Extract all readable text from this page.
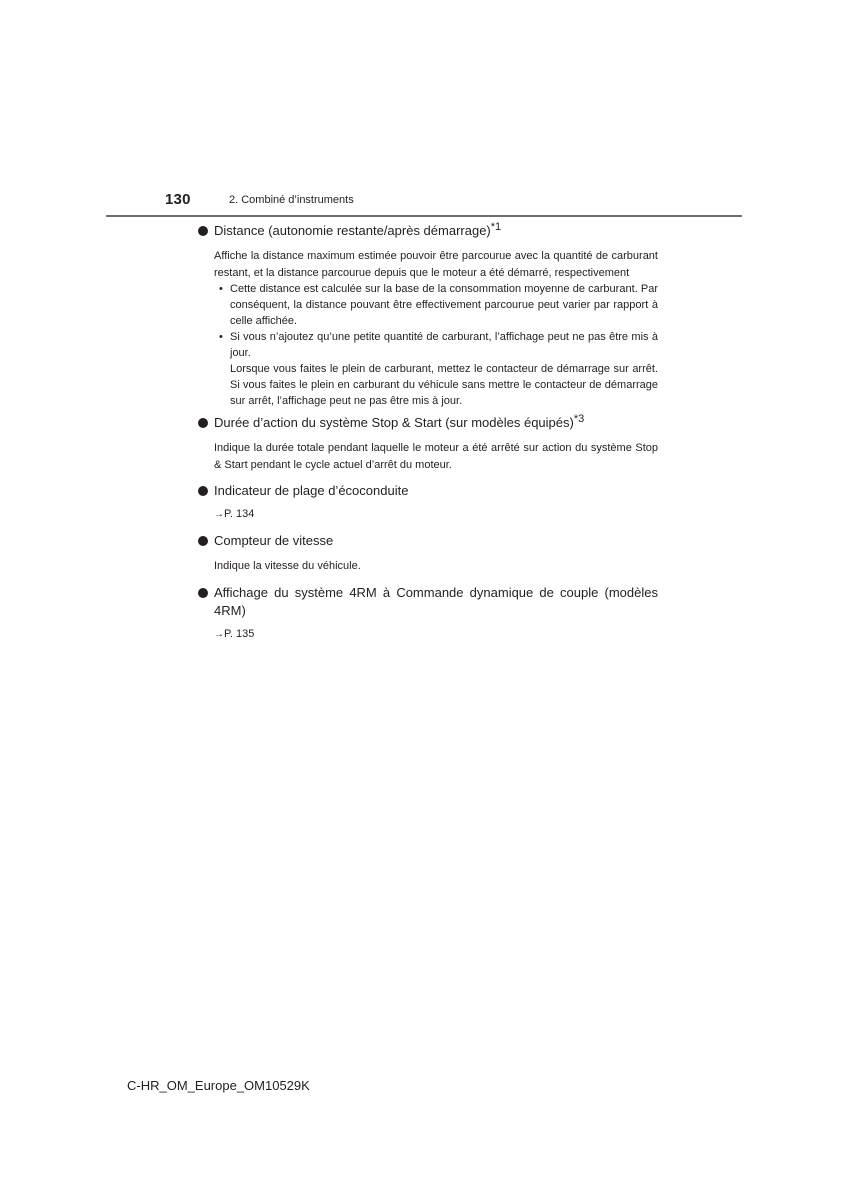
130	2. Combiné d’instruments

Distance (autonomie restante/après démarrage)$^{*1}$

Affiche la distance maximum estimée pouvoir être parcourue avec la quantité de carburant restant, et la distance parcourue depuis que le moteur a été démarré, respectivement

• Cette distance est calculée sur la base de la consommation moyenne de carburant. Par conséquent, la distance pouvant être effectivement parcourue peut varier par rapport à celle affichée.
• Si vous n’ajoutez qu’une petite quantité de carburant, l’affichage peut ne pas être mis à jour.
Lorsque vous faites le plein de carburant, mettez le contacteur de démarrage sur arrêt. Si vous faites le plein en carburant du véhicule sans mettre le contacteur de démarrage sur arrêt, l’affichage peut ne pas être mis à jour.

Durée d’action du système Stop & Start (sur modèles équipés)$^{*3}$

Indique la durée totale pendant laquelle le moteur a été arrêté sur action du système Stop & Start pendant le cycle actuel d’arrêt du moteur.

Indicateur de plage d’écoconduite

→P. 134

Compteur de vitesse

Indique la vitesse du véhicule.

Affichage du système 4RM à Commande dynamique de couple (modèles 4RM)

→P. 135
C-HR_OM_Europe_OM10529K
